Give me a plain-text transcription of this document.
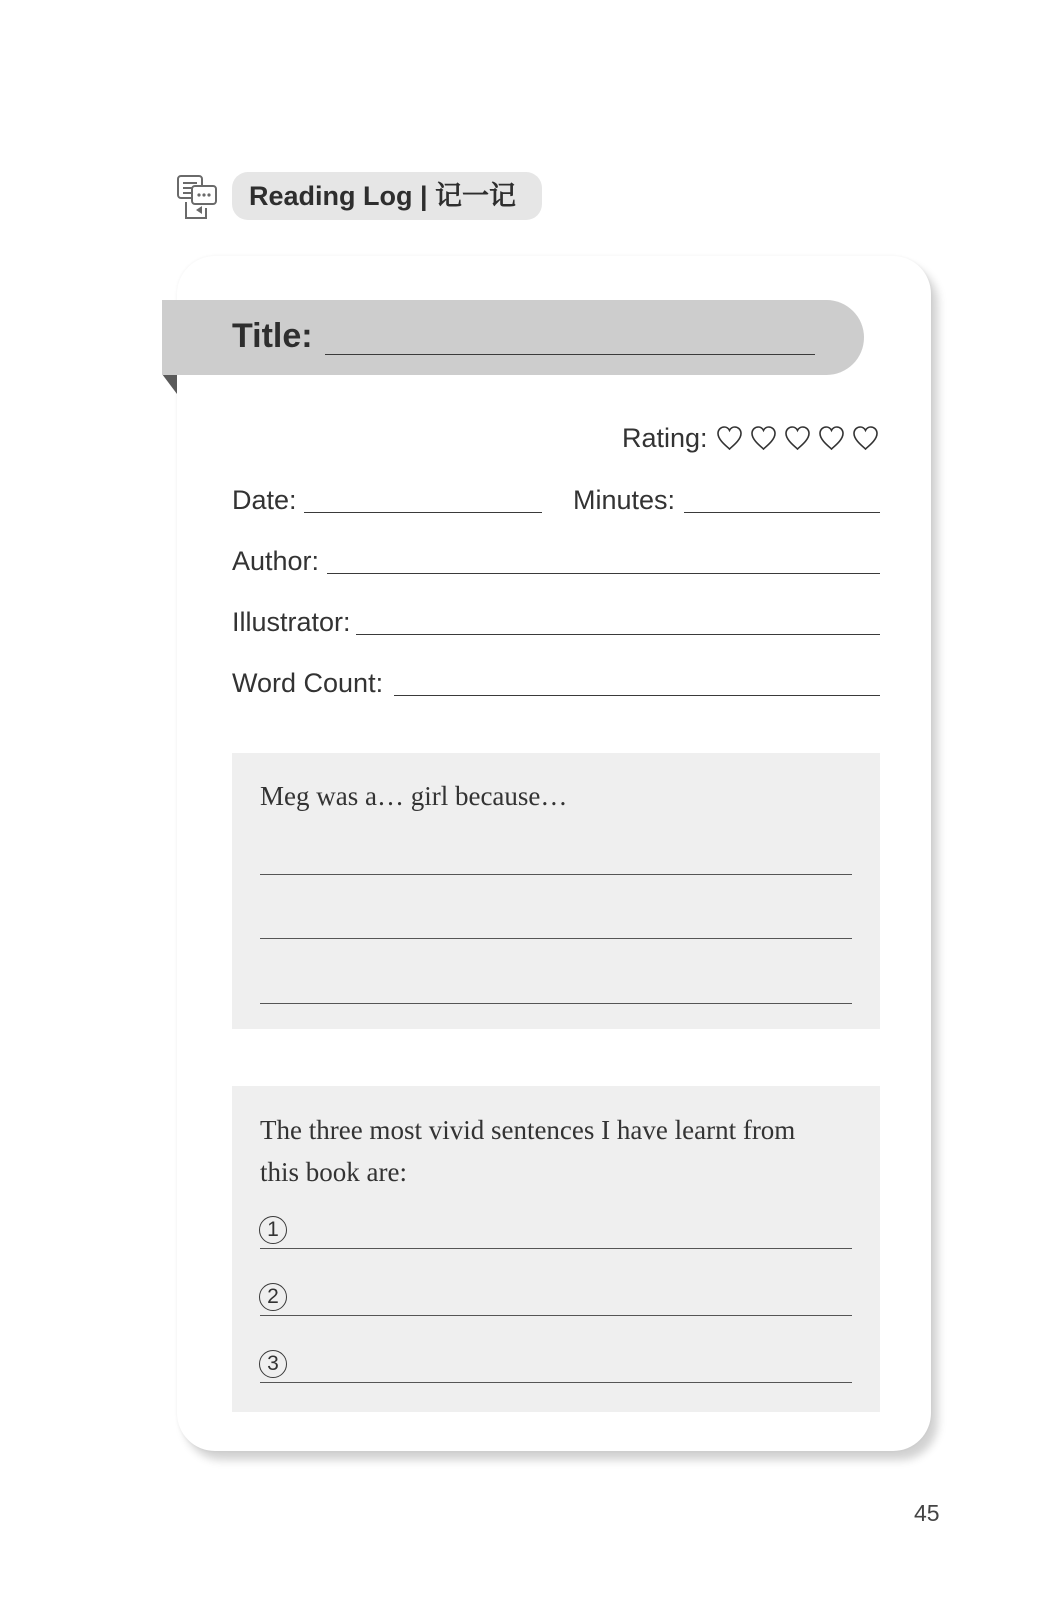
Reading Log | 记一记
Title:
Rating:
Date:	Minutes:
Author:
Illustrator:
Word Count:
Meg was a… girl because…
The three most vivid sentences I have learnt from
this book are:
1
2
3
45
